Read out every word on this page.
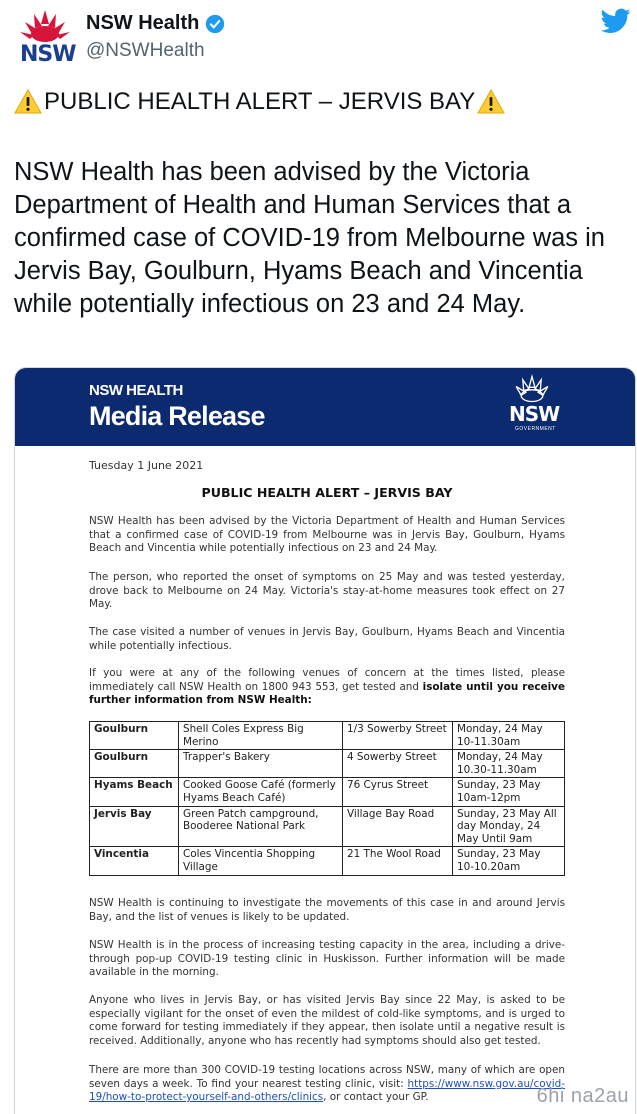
NSW
NSW Health
@NSWHealth
PUBLIC HEALTH ALERT – JERVIS BAY
NSW Health has been advised by the Victoria Department of Health and Human Services that a confirmed case of COVID-19 from Melbourne was in Jervis Bay, Goulburn, Hyams Beach and Vincentia while potentially infectious on 23 and 24 May.
NSW HEALTH
Media Release	NSW
GOVERNMENT
Tuesday 1 June 2021
PUBLIC HEALTH ALERT – JERVIS BAY
NSW Health has been advised by the Victoria Department of Health and Human Services that a confirmed case of COVID-19 from Melbourne was in Jervis Bay, Goulburn, Hyams Beach and Vincentia while potentially infectious on 23 and 24 May.
The person, who reported the onset of symptoms on 25 May and was tested yesterday, drove back to Melbourne on 24 May. Victoria's stay-at-home measures took effect on 27 May.
The case visited a number of venues in Jervis Bay, Goulburn, Hyams Beach and Vincentia while potentially infectious.
If you were at any of the following venues of concern at the times listed, please immediately call NSW Health on 1800 943 553, get tested and isolate until you receive further information from NSW Health:
Goulburn	Shell Coles Express Big Merino	1/3 Sowerby Street	Monday, 24 May 10-11.30am
Goulburn	Trapper's Bakery	4 Sowerby Street	Monday, 24 May 10.30-11.30am
Hyams Beach	Cooked Goose Café (formerly Hyams Beach Café)	76 Cyrus Street	Sunday, 23 May 10am-12pm
Jervis Bay	Green Patch campground, Booderee National Park	Village Bay Road	Sunday, 23 May All day Monday, 24 May Until 9am
Vincentia	Coles Vincentia Shopping Village	21 The Wool Road	Sunday, 23 May 10-10.20am
NSW Health is continuing to investigate the movements of this case in and around Jervis Bay, and the list of venues is likely to be updated.
NSW Health is in the process of increasing testing capacity in the area, including a drive-through pop-up COVID-19 testing clinic in Huskisson. Further information will be made available in the morning.
Anyone who lives in Jervis Bay, or has visited Jervis Bay since 22 May, is asked to be especially vigilant for the onset of even the mildest of cold-like symptoms, and is urged to come forward for testing immediately if they appear, then isolate until a negative result is received. Additionally, anyone who has recently had symptoms should also get tested.
There are more than 300 COVID-19 testing locations across NSW, many of which are open seven days a week. To find your nearest testing clinic, visit: https://www.nsw.gov.au/covid-19/how-to-protect-yourself-and-others/clinics, or contact your GP.	6hi na2au
